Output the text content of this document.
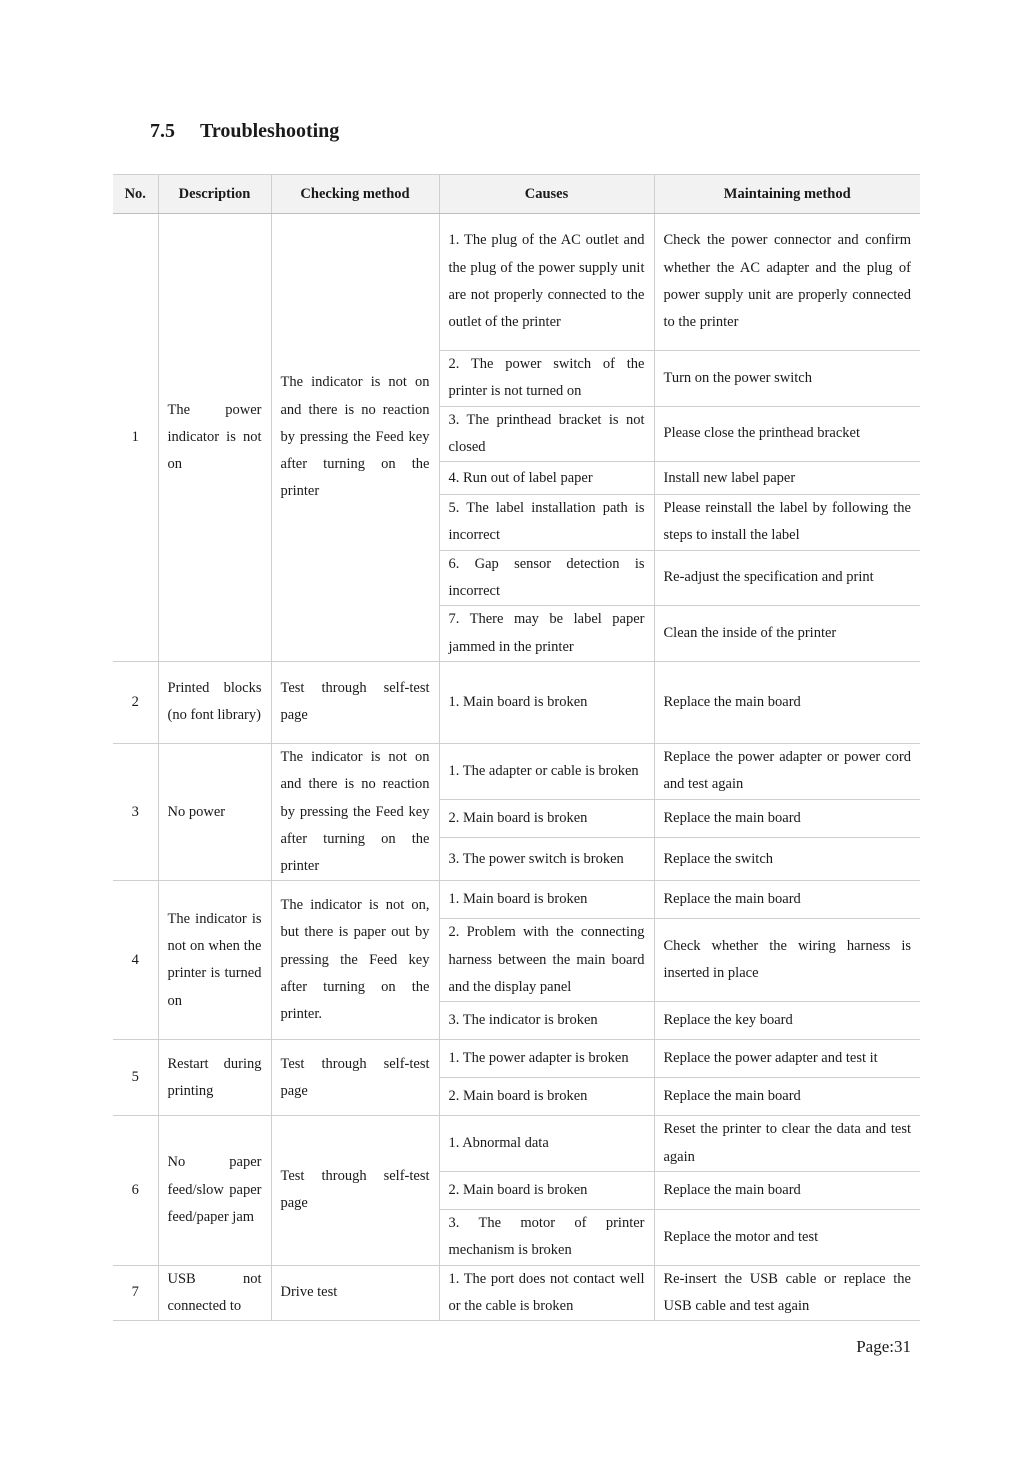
7.5 Troubleshooting
No.	Description	Checking method	Causes	Maintaining method
1	The power indicator is not on	The indicator is not on and there is no reaction by pressing the Feed key after turning on the printer	1. The plug of the AC outlet and the plug of the power supply unit are not properly connected to the outlet of the printer	Check the power connector and confirm whether the AC adapter and the plug of power supply unit are properly connected to the printer
			2. The power switch of the printer is not turned on	Turn on the power switch
			3. The printhead bracket is not closed	Please close the printhead bracket
			4. Run out of label paper	Install new label paper
			5. The label installation path is incorrect	Please reinstall the label by following the steps to install the label
			6. Gap sensor detection is incorrect	Re-adjust the specification and print
			7. There may be label paper jammed in the printer	Clean the inside of the printer
2	Printed blocks (no font library)	Test through self-test page	1. Main board is broken	Replace the main board
3	No power	The indicator is not on and there is no reaction by pressing the Feed key after turning on the printer	1. The adapter or cable is broken	Replace the power adapter or power cord and test again
			2. Main board is broken	Replace the main board
			3. The power switch is broken	Replace the switch
4	The indicator is not on when the printer is turned on	The indicator is not on, but there is paper out by pressing the Feed key after turning on the printer.	1. Main board is broken	Replace the main board
			2. Problem with the connecting harness between the main board and the display panel	Check whether the wiring harness is inserted in place
			3. The indicator is broken	Replace the key board
5	Restart during printing	Test through self-test page	1. The power adapter is broken	Replace the power adapter and test it
			2. Main board is broken	Replace the main board
6	No paper feed/slow paper feed/paper jam	Test through self-test page	1. Abnormal data	Reset the printer to clear the data and test again
			2. Main board is broken	Replace the main board
			3. The motor of printer mechanism is broken	Replace the motor and test
7	USB not connected to	Drive test	1. The port does not contact well or the cable is broken	Re-insert the USB cable or replace the USB cable and test again
Page:31
